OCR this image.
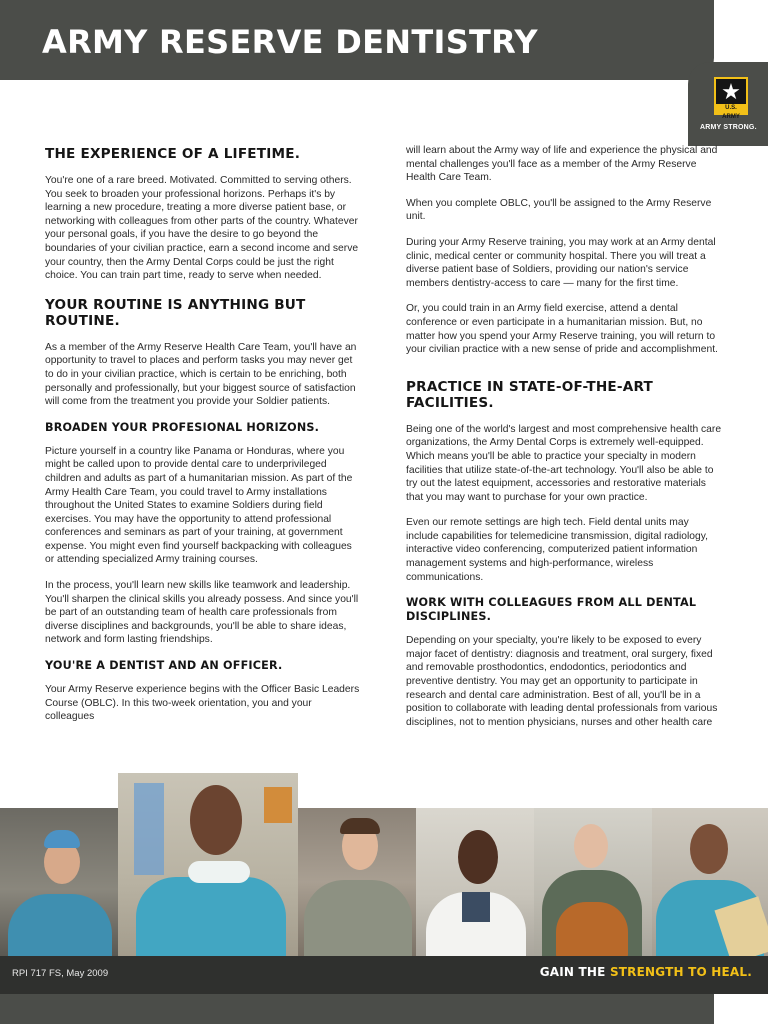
ARMY RESERVE DENTISTRY
★
U.S. ARMY
ARMY STRONG.
THE EXPERIENCE OF A LIFETIME.

You're one of a rare breed. Motivated. Committed to serving others. You seek to broaden your professional horizons. Perhaps it's by learning a new procedure, treating a more diverse patient base, or networking with colleagues from other parts of the country. Whatever your personal goals, if you have the desire to go beyond the boundaries of your civilian practice, earn a second income and serve your country, then the Army Dental Corps could be just the right choice. You can train part time, ready to serve when needed.

YOUR ROUTINE IS ANYTHING BUT ROUTINE.

As a member of the Army Reserve Health Care Team, you'll have an opportunity to travel to places and perform tasks you may never get to do in your civilian practice, which is certain to be enriching, both personally and professionally, but your biggest source of satisfaction will come from the treatment you provide your Soldier patients.

BROADEN YOUR PROFESIONAL HORIZONS.

Picture yourself in a country like Panama or Honduras, where you might be called upon to provide dental care to underprivileged children and adults as part of a humanitarian mission. As part of the Army Health Care Team, you could travel to Army installations throughout the United States to examine Soldiers during field exercises. You may have the opportunity to attend professional conferences and seminars as part of your training, at government expense. You might even find yourself backpacking with colleagues or attending specialized Army training courses.

In the process, you'll learn new skills like teamwork and leadership. You'll sharpen the clinical skills you already possess. And since you'll be part of an outstanding team of health care professionals from diverse disciplines and backgrounds, you'll be able to share ideas, network and form lasting friendships.

YOU'RE A DENTIST AND AN OFFICER.

Your Army Reserve experience begins with the Officer Basic Leaders Course (OBLC). In this two-week orientation, you and your colleagues

will learn about the Army way of life and experience the physical and mental challenges you'll face as a member of the Army Reserve Health Care Team.

When you complete OBLC, you'll be assigned to the Army Reserve unit.

During your Army Reserve training, you may work at an Army dental clinic, medical center or community hospital. There you will treat a diverse patient base of Soldiers, providing our nation's service members dentistry-access to care — many for the first time.

Or, you could train in an Army field exercise, attend a dental conference or even participate in a humanitarian mission. But, no matter how you spend your Army Reserve training, you will return to your civilian practice with a new sense of pride and accomplishment.

PRACTICE IN STATE-OF-THE-ART FACILITIES.

Being one of the world's largest and most comprehensive health care organizations, the Army Dental Corps is extremely well-equipped. Which means you'll be able to practice your specialty in modern facilities that utilize state-of-the-art technology. You'll also be able to try out the latest equipment, accessories and restorative materials that you may want to purchase for your own practice.

Even our remote settings are high tech. Field dental units may include capabilities for telemedicine transmission, digital radiology, interactive video conferencing, computerized patient information management systems and high-performance, wireless communications.

WORK WITH COLLEAGUES FROM ALL DENTAL DISCIPLINES.

Depending on your specialty, you're likely to be exposed to every major facet of dentistry: diagnosis and treatment, oral surgery, fixed and removable prosthodontics, endodontics, periodontics and preventive dentistry. You may get an opportunity to participate in research and dental care administration. Best of all, you'll be in a position to collaborate with leading dental professionals from various disciplines, not to mention physicians, nurses and other health care

RPI 717 FS, May 2009	GAIN THE STRENGTH TO HEAL.
